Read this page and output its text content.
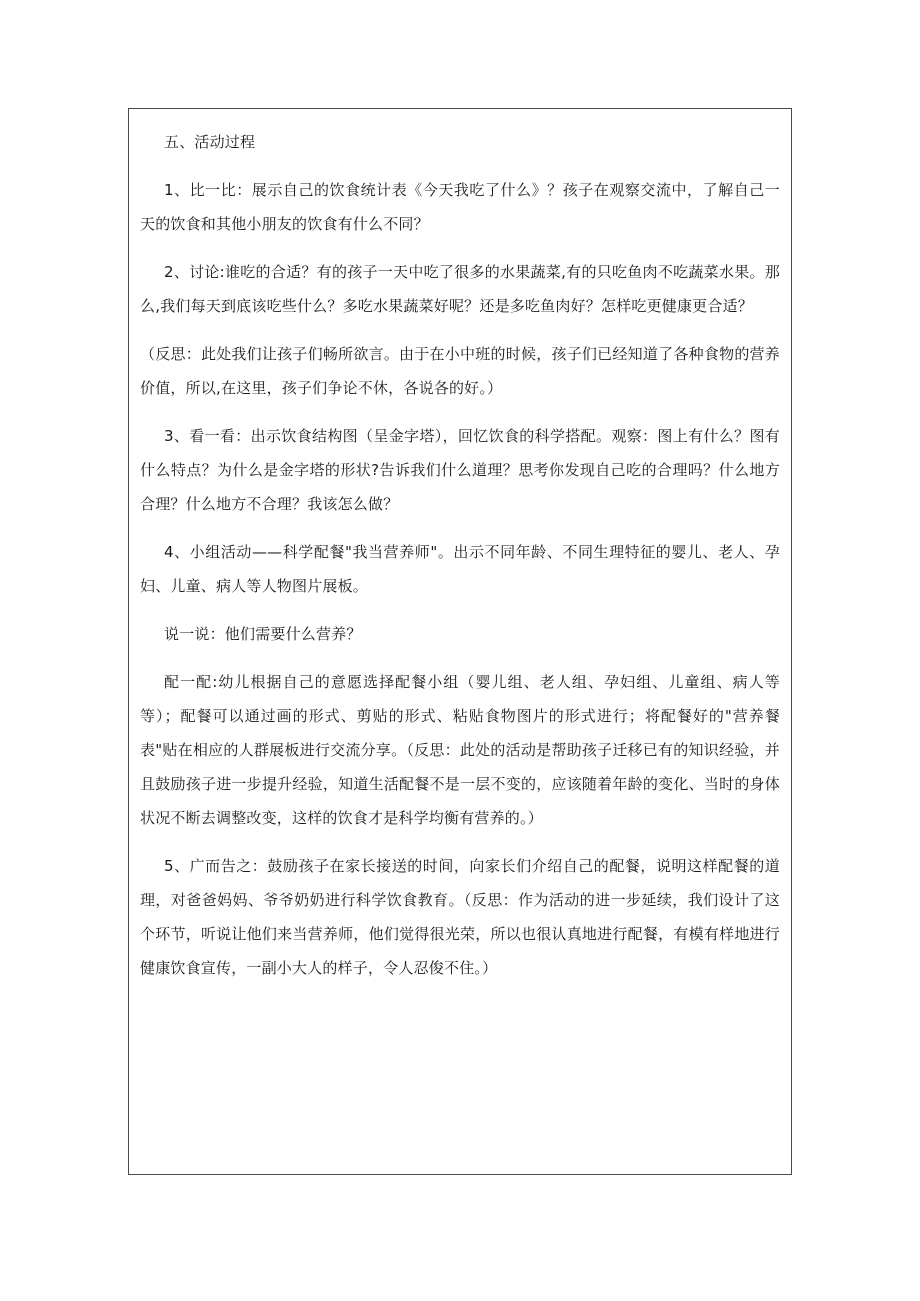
五、活动过程

1、比一比：展示自己的饮食统计表《今天我吃了什么》？孩子在观察交流中，了解自己一天的饮食和其他小朋友的饮食有什么不同？

2、讨论:谁吃的合适？有的孩子一天中吃了很多的水果蔬菜,有的只吃鱼肉不吃蔬菜水果。那么,我们每天到底该吃些什么？多吃水果蔬菜好呢？还是多吃鱼肉好？怎样吃更健康更合适？

（反思：此处我们让孩子们畅所欲言。由于在小中班的时候，孩子们已经知道了各种食物的营养价值，所以,在这里，孩子们争论不休，各说各的好。）

3、看一看：出示饮食结构图（呈金字塔），回忆饮食的科学搭配。观察：图上有什么？图有什么特点？为什么是金字塔的形状?告诉我们什么道理？思考你发现自己吃的合理吗？什么地方合理？什么地方不合理？我该怎么做？

4、小组活动——科学配餐"我当营养师"。出示不同年龄、不同生理特征的婴儿、老人、孕妇、儿童、病人等人物图片展板。

说一说：他们需要什么营养？

配一配:幼儿根据自己的意愿选择配餐小组（婴儿组、老人组、孕妇组、儿童组、病人等等）；配餐可以通过画的形式、剪贴的形式、粘贴食物图片的形式进行；将配餐好的"营养餐表"贴在相应的人群展板进行交流分享。（反思：此处的活动是帮助孩子迁移已有的知识经验，并且鼓励孩子进一步提升经验，知道生活配餐不是一层不变的，应该随着年龄的变化、当时的身体状况不断去调整改变，这样的饮食才是科学均衡有营养的。）

5、广而告之：鼓励孩子在家长接送的时间，向家长们介绍自己的配餐，说明这样配餐的道理，对爸爸妈妈、爷爷奶奶进行科学饮食教育。（反思：作为活动的进一步延续，我们设计了这个环节，听说让他们来当营养师，他们觉得很光荣，所以也很认真地进行配餐，有模有样地进行健康饮食宣传，一副小大人的样子，令人忍俊不住。）
